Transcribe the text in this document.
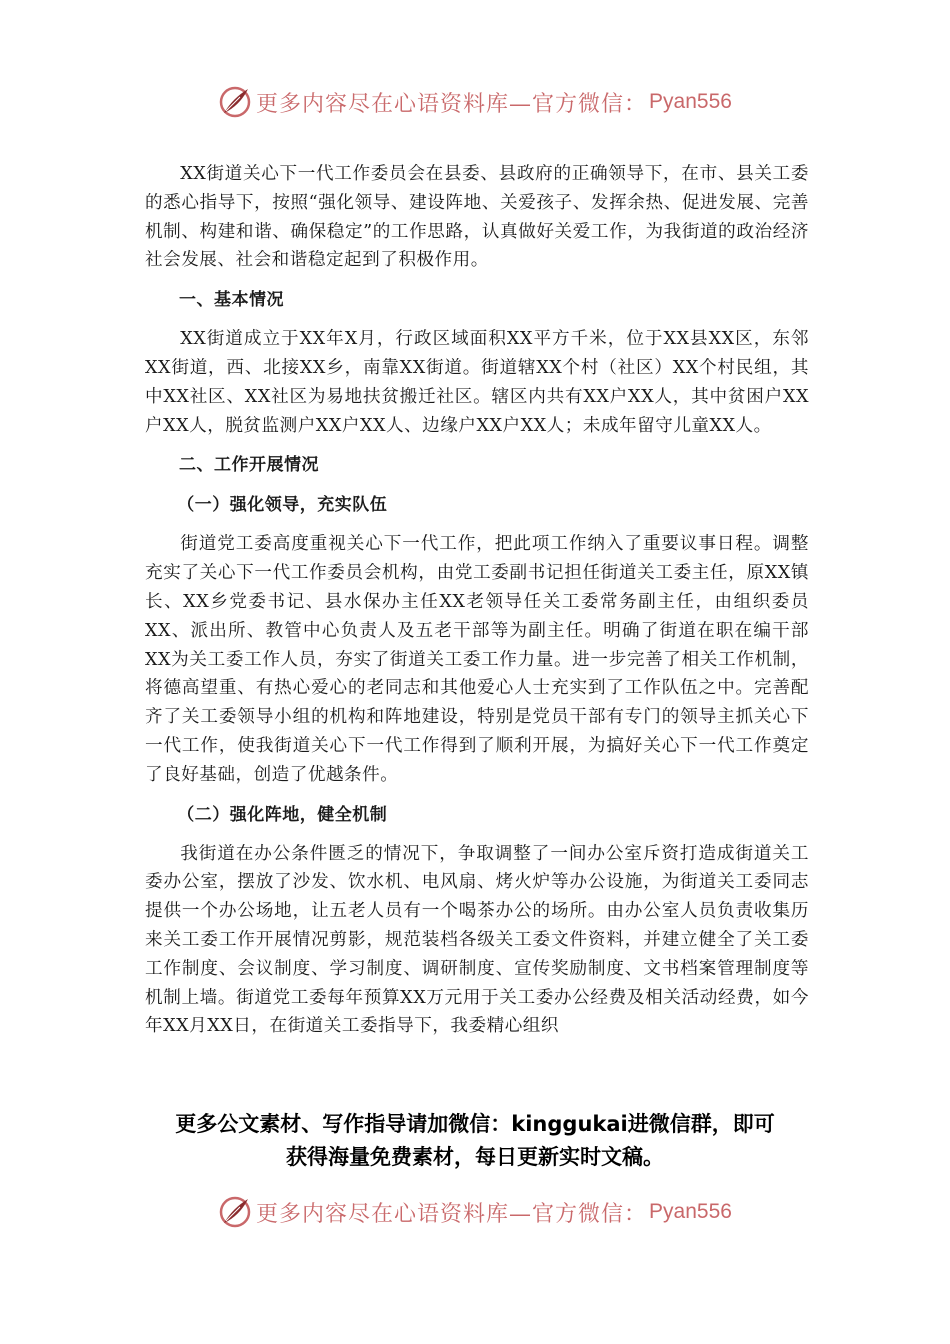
更多内容尽在心语资料库—官方微信： Pyan556

XX街道关心下一代工作委员会在县委、县政府的正确领导下，在市、县关工委的悉心指导下，按照“强化领导、建设阵地、关爱孩子、发挥余热、促进发展、完善机制、构建和谐、确保稳定”的工作思路，认真做好关爱工作，为我街道的政治经济社会发展、社会和谐稳定起到了积极作用。

一、基本情况

XX街道成立于XX年X月，行政区域面积XX平方千米，位于XX县XX区，东邻XX街道，西、北接XX乡，南靠XX街道。街道辖XX个村（社区）XX个村民组，其中XX社区、XX社区为易地扶贫搬迁社区。辖区内共有XX户XX人，其中贫困户XX户XX人，脱贫监测户XX户XX人、边缘户XX户XX人；未成年留守儿童XX人。

二、工作开展情况
（一）强化领导，充实队伍

街道党工委高度重视关心下一代工作，把此项工作纳入了重要议事日程。调整充实了关心下一代工作委员会机构，由党工委副书记担任街道关工委主任，原XX镇长、XX乡党委书记、县水保办主任XX老领导任关工委常务副主任，由组织委员XX、派出所、教管中心负责人及五老干部等为副主任。明确了街道在职在编干部XX为关工委工作人员，夯实了街道关工委工作力量。进一步完善了相关工作机制，将德高望重、有热心爱心的老同志和其他爱心人士充实到了工作队伍之中。完善配齐了关工委领导小组的机构和阵地建设，特别是党员干部有专门的领导主抓关心下一代工作，使我街道关心下一代工作得到了顺利开展，为搞好关心下一代工作奠定了良好基础，创造了优越条件。

（二）强化阵地，健全机制

我街道在办公条件匮乏的情况下，争取调整了一间办公室斥资打造成街道关工委办公室，摆放了沙发、饮水机、电风扇、烤火炉等办公设施，为街道关工委同志提供一个办公场地，让五老人员有一个喝茶办公的场所。由办公室人员负责收集历来关工委工作开展情况剪影，规范装档各级关工委文件资料，并建立健全了关工委工作制度、会议制度、学习制度、调研制度、宣传奖励制度、文书档案管理制度等机制上墙。街道党工委每年预算XX万元用于关工委办公经费及相关活动经费，如今年XX月XX日，在街道关工委指导下，我委精心组织

更多公文素材、写作指导请加微信：kinggukai进微信群，即可
获得海量免费素材，每日更新实时文稿。
更多内容尽在心语资料库—官方微信： Pyan556
